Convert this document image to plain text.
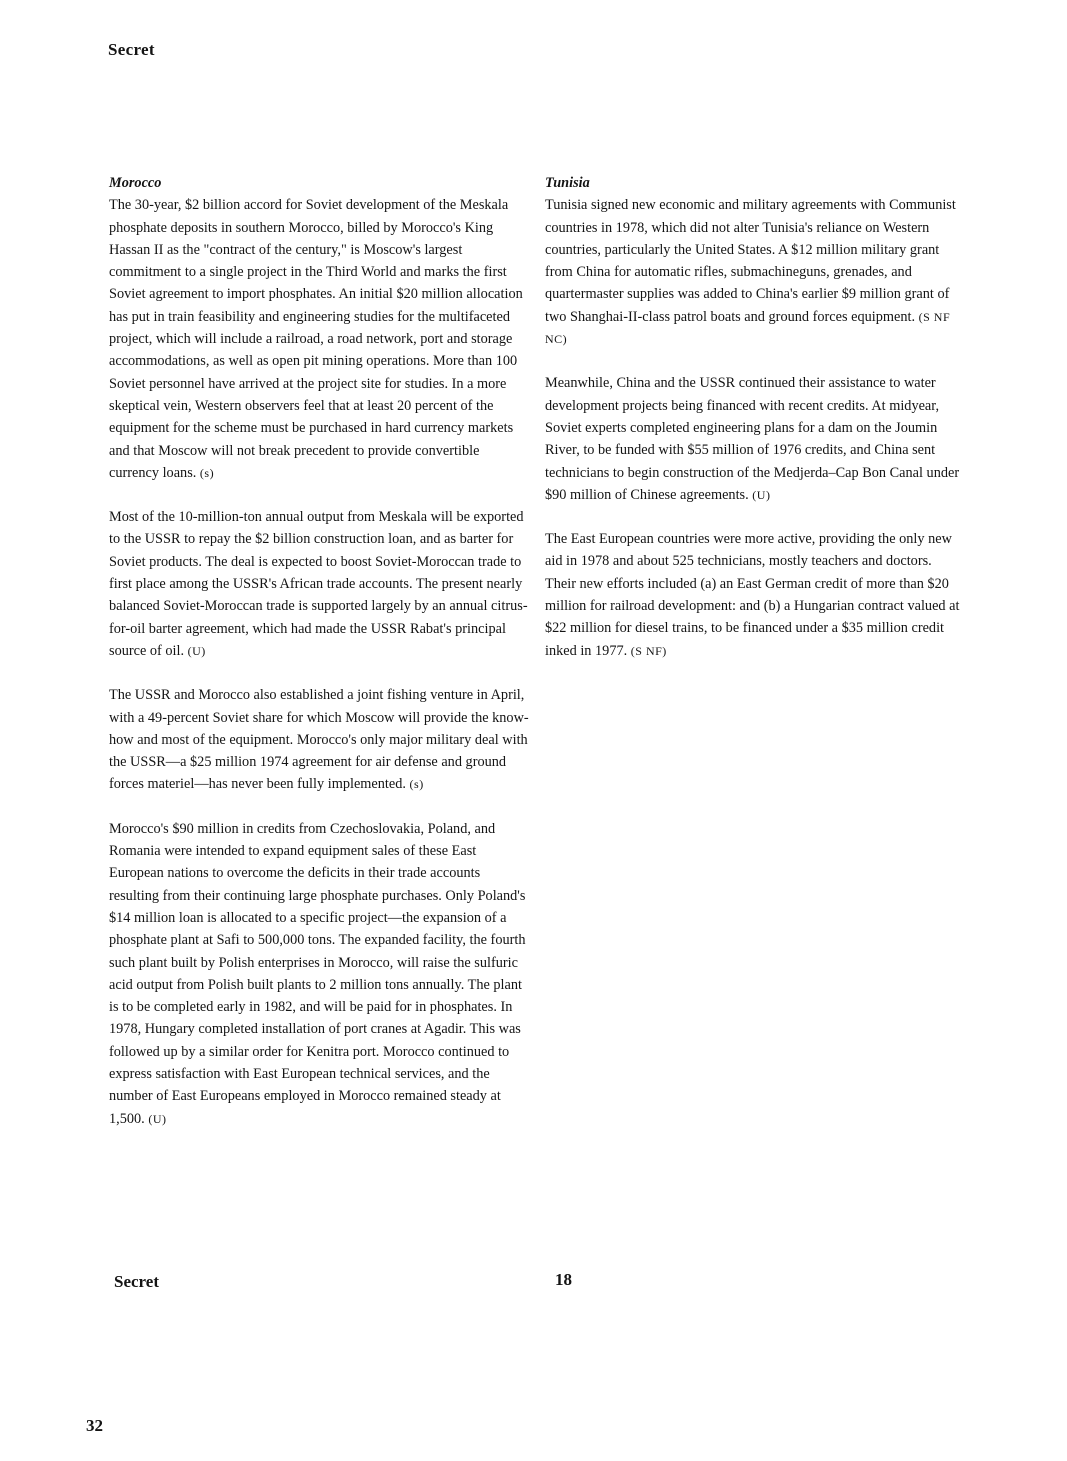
Secret
Morocco

The 30-year, $2 billion accord for Soviet development of the Meskala phosphate deposits in southern Morocco, billed by Morocco's King Hassan II as the "contract of the century," is Moscow's largest commitment to a single project in the Third World and marks the first Soviet agreement to import phosphates. An initial $20 million allocation has put in train feasibility and engineering studies for the multifaceted project, which will include a railroad, a road network, port and storage accommodations, as well as open pit mining operations. More than 100 Soviet personnel have arrived at the project site for studies. In a more skeptical vein, Western observers feel that at least 20 percent of the equipment for the scheme must be purchased in hard currency markets and that Moscow will not break precedent to provide convertible currency loans. (s)

Most of the 10-million-ton annual output from Meskala will be exported to the USSR to repay the $2 billion construction loan, and as barter for Soviet products. The deal is expected to boost Soviet-Moroccan trade to first place among the USSR's African trade accounts. The present nearly balanced Soviet-Moroccan trade is supported largely by an annual citrus-for-oil barter agreement, which had made the USSR Rabat's principal source of oil. (U)

The USSR and Morocco also established a joint fishing venture in April, with a 49-percent Soviet share for which Moscow will provide the know-how and most of the equipment. Morocco's only major military deal with the USSR—a $25 million 1974 agreement for air defense and ground forces materiel—has never been fully implemented. (s)

Morocco's $90 million in credits from Czechoslovakia, Poland, and Romania were intended to expand equipment sales of these East European nations to overcome the deficits in their trade accounts resulting from their continuing large phosphate purchases. Only Poland's $14 million loan is allocated to a specific project—the expansion of a phosphate plant at Safi to 500,000 tons. The expanded facility, the fourth such plant built by Polish enterprises in Morocco, will raise the sulfuric acid output from Polish built plants to 2 million tons annually. The plant is to be completed early in 1982, and will be paid for in phosphates. In 1978, Hungary completed installation of port cranes at Agadir. This was followed up by a similar order for Kenitra port. Morocco continued to express satisfaction with East European technical services, and the number of East Europeans employed in Morocco remained steady at 1,500. (U)

Tunisia

Tunisia signed new economic and military agreements with Communist countries in 1978, which did not alter Tunisia's reliance on Western countries, particularly the United States. A $12 million military grant from China for automatic rifles, submachineguns, grenades, and quartermaster supplies was added to China's earlier $9 million grant of two Shanghai-II-class patrol boats and ground forces equipment. (S NF NC)

Meanwhile, China and the USSR continued their assistance to water development projects being financed with recent credits. At midyear, Soviet experts completed engineering plans for a dam on the Joumin River, to be funded with $55 million of 1976 credits, and China sent technicians to begin construction of the Medjerda–Cap Bon Canal under $90 million of Chinese agreements. (U)

The East European countries were more active, providing the only new aid in 1978 and about 525 technicians, mostly teachers and doctors. Their new efforts included (a) an East German credit of more than $20 million for railroad development: and (b) a Hungarian contract valued at $22 million for diesel trains, to be financed under a $35 million credit inked in 1977. (S NF)

Secret	18
32
